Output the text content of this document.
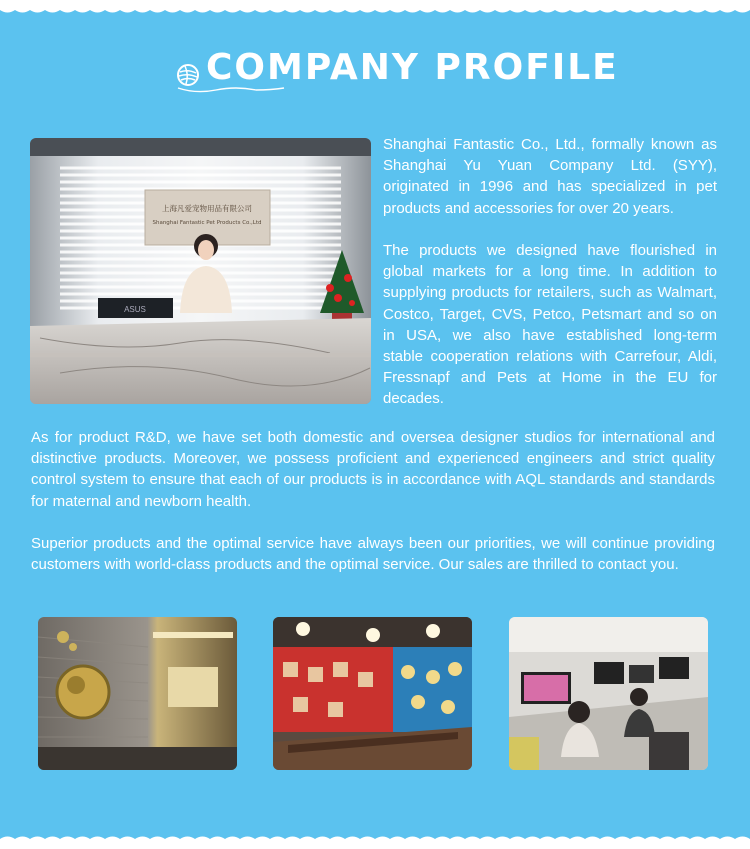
COMPANY PROFILE
上海凡爱宠物用品有限公司
Shanghai Fantastic Pet Products Co.,Ltd
ASUS

Shanghai Fantastic Co., Ltd., formally known as Shanghai Yu Yuan Company Ltd. (SYY), originated in 1996 and has specialized in pet products and accessories for over 20 years.

The products we designed have flourished in global markets for a long time. In addition to supplying products for retailers, such as Walmart, Costco, Target, CVS, Petco, Petsmart and so on in USA, we also have established long-term stable cooperation relations with Carrefour, Aldi, Fressnapf and Pets at Home in the EU for decades.

As for product R&D, we have set both domestic and oversea designer studios for international and distinctive products. Moreover, we possess proficient and experienced engineers and strict quality control system to ensure that each of our products is in accordance with AQL standards and standards for maternal and newborn health.

Superior products and the optimal service have always been our priorities, we will continue providing customers with world-class products and the optimal service. Our sales are thrilled to contact you.
